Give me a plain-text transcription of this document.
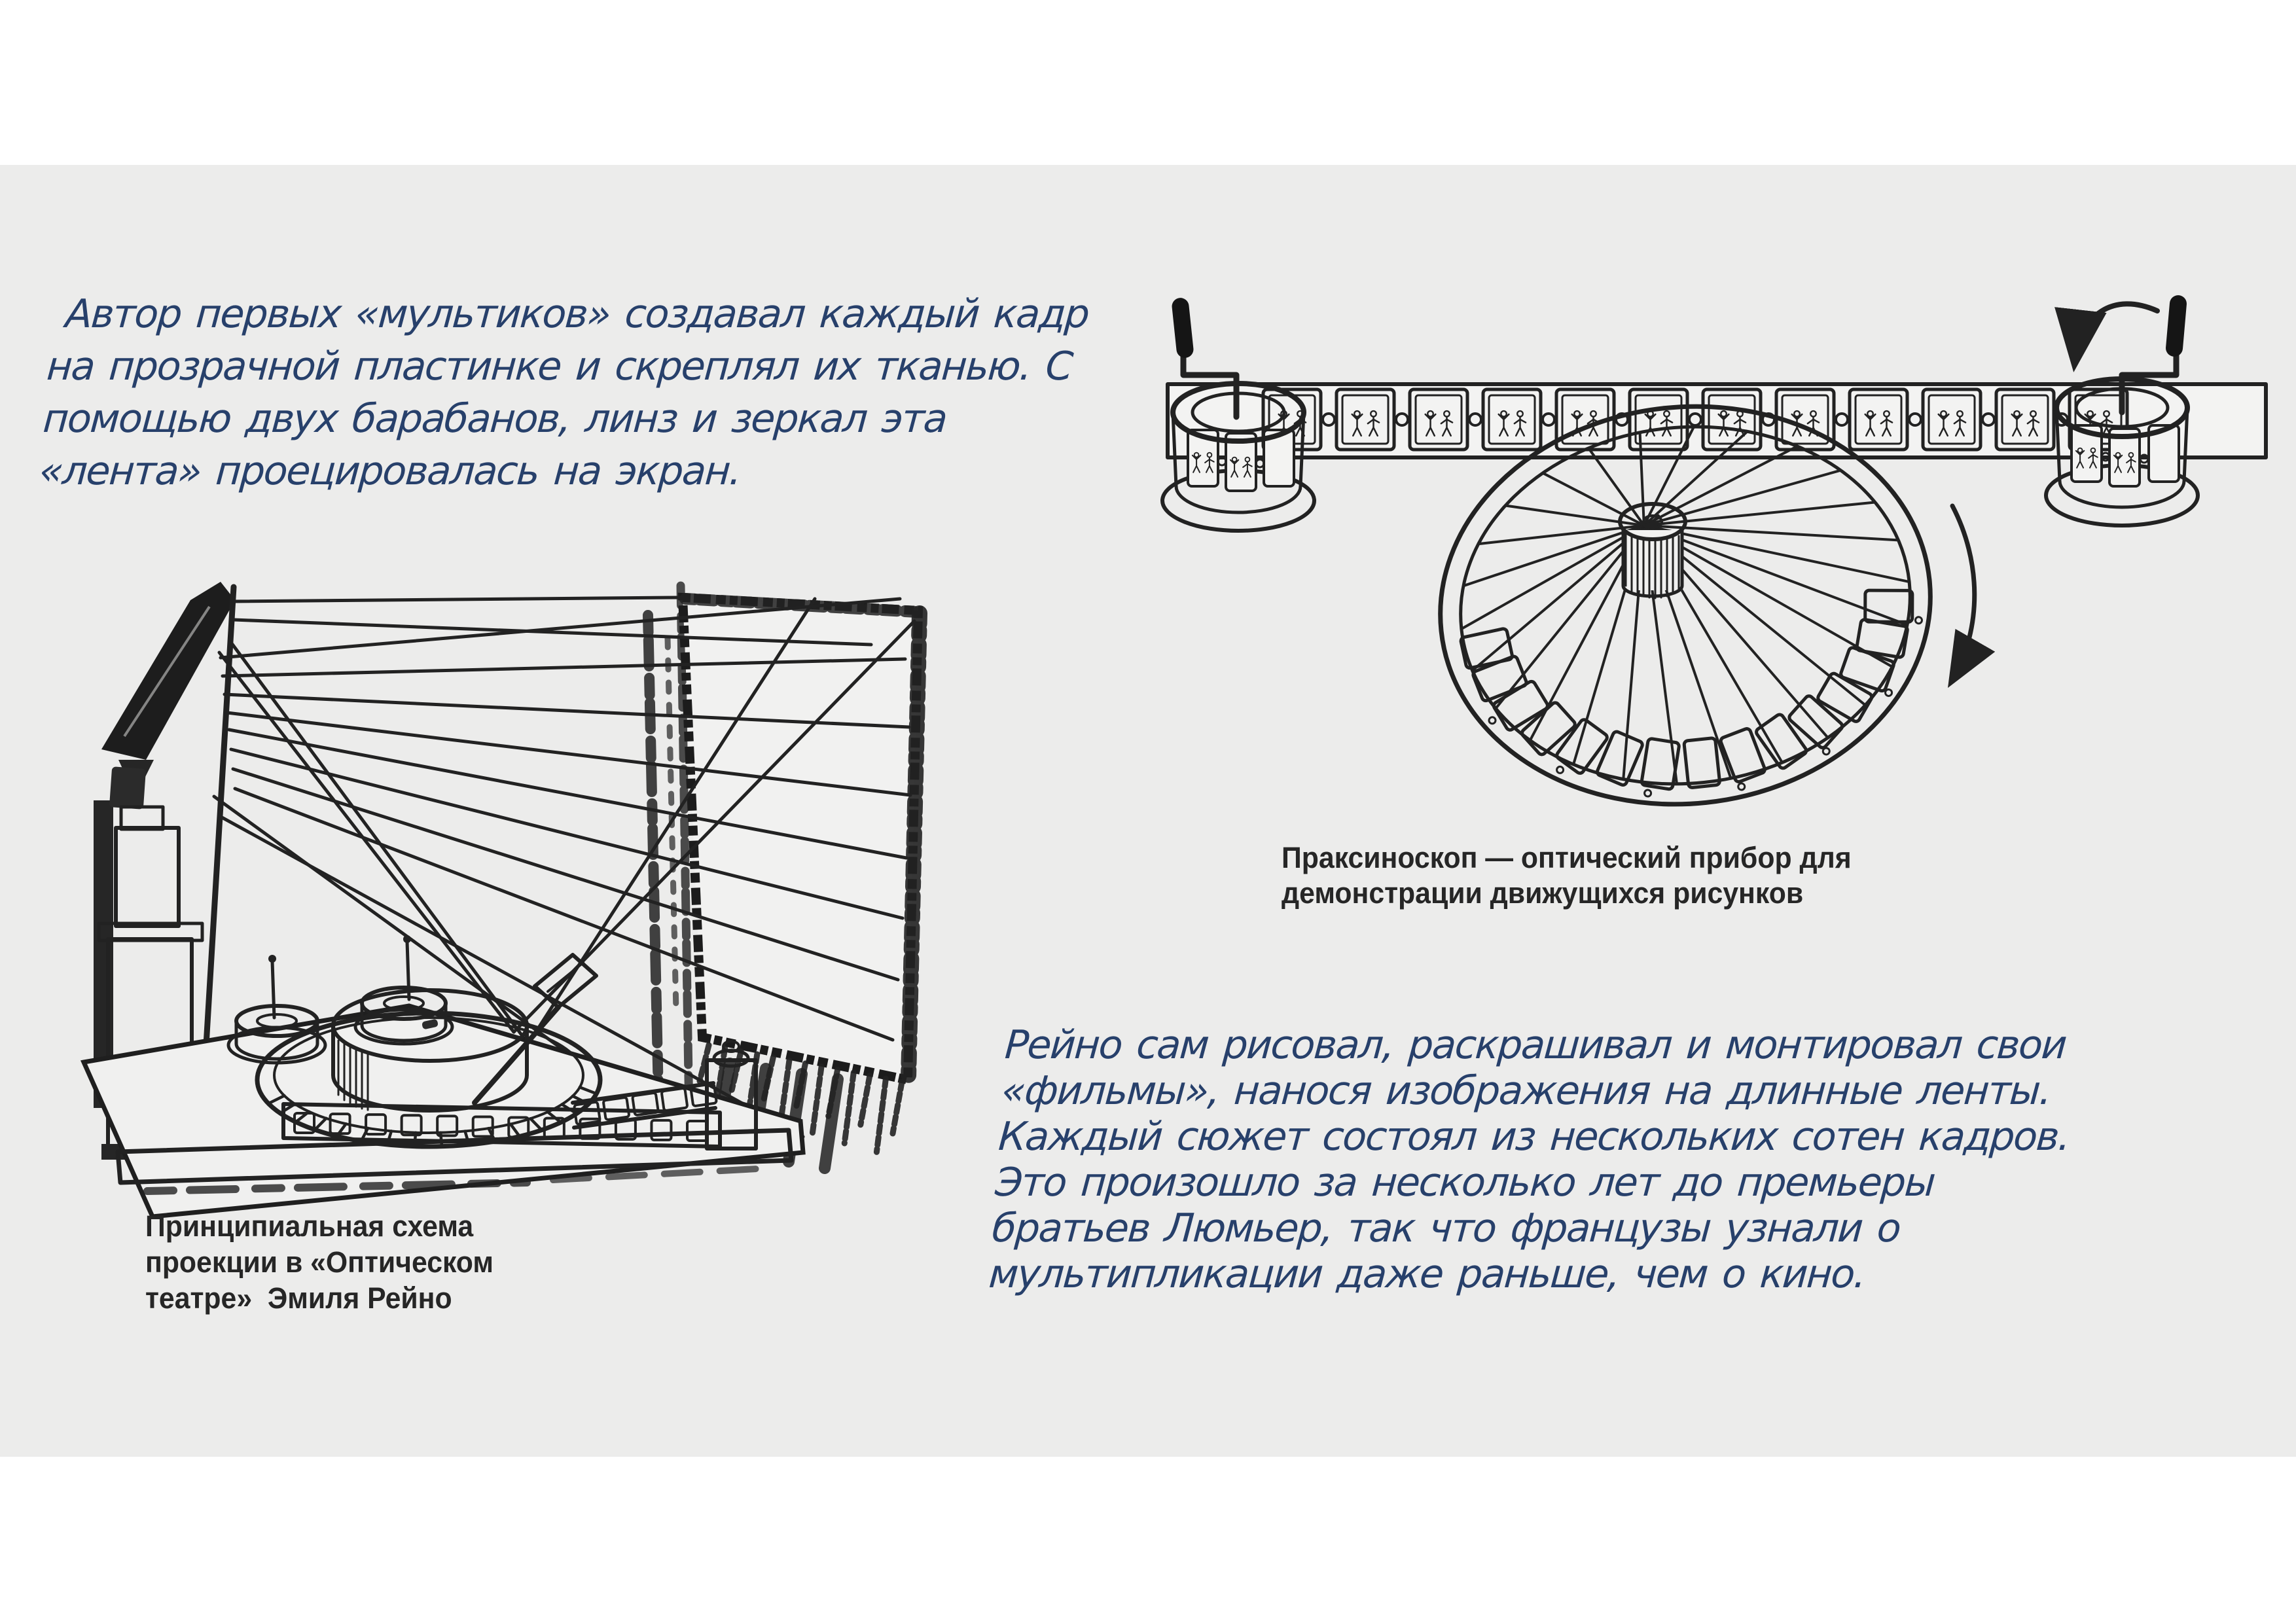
Автор первых «мультиков» создавал каждый кадр
на прозрачной пластинке и скреплял их тканью. С
помощью двух барабанов, линз и зеркал эта
«лента» проецировалась на экран.
Праксиноскоп — оптический прибор для
демонстрации движущихся рисунков
Принципиальная схема
проекции в «Оптическом
театре»  Эмиля Рейно
Рейно сам рисовал, раскрашивал и монтировал свои
«фильмы», нанося изображения на длинные ленты.
Каждый сюжет состоял из нескольких сотен кадров.
Это произошло за несколько лет до премьеры
братьев Люмьер, так что французы узнали о
мультипликации даже раньше, чем о кино.
